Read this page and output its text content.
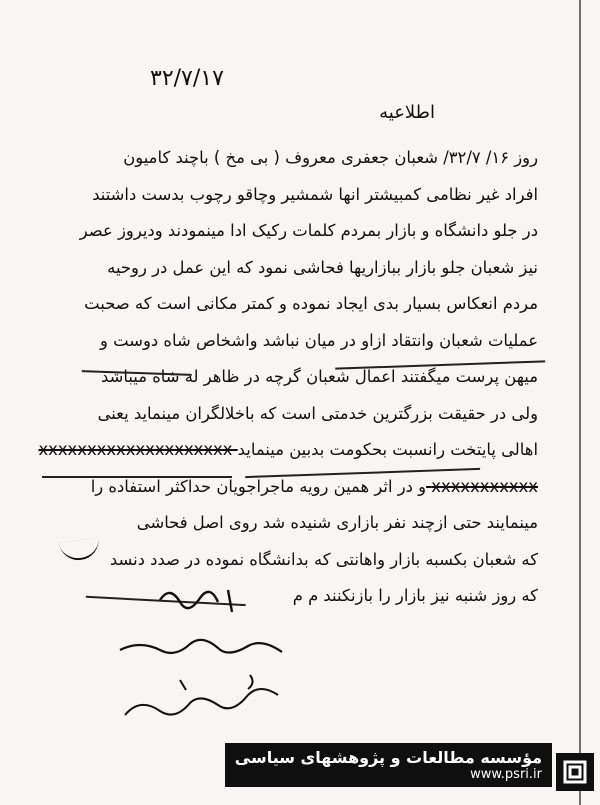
۳۲/۷/۱۷
اطلاعیه
روز ۱۶/ ۳۲/۷/ شعبان جعفری معروف ( بی مخ ) باچند کامیون
افراد غیر نظامی کمبیشتر انها شمشیر وچاقو رچوب بدست داشتند
در جلو دانشگاه و بازار بمردم کلمات رکیک ادا مینمودند ودیروز عصر
نیز شعبان جلو بازار ببازاریها فحاشی نمود که این عمل در روحیه
مردم انعکاس بسیار بدی ایجاد نموده و کمتر مکانی است که صحبت
عملیات شعبان وانتقاد ازاو در میان نباشد واشخاص شاه دوست و
میهن پرست میگفتند اعمال شعبان گرچه در ظاهر له شاه میباشد
ولی در حقیقت بزرگترین خدمتی است که باخلالگران مینماید یعنی
اهالی پایتخت رانسبت بحکومت بدبین مینماید xxxxxxxxxxxxxxxxxxxx
xxxxxxxxxxx و در اثر همین رویه ماجراجویان حداکثر استفاده را
مینمایند حتی ازچند نفر بازاری شنیده شد روی اصل فحاشی
که شعبان بکسبه بازار واهانتی که بدانشگاه نموده در صدد دنسد
که روز شنبه نیز بازار را بازنکنند م م
مؤسسه مطالعات و پژوهشهای سیاسی
www.psri.ir
